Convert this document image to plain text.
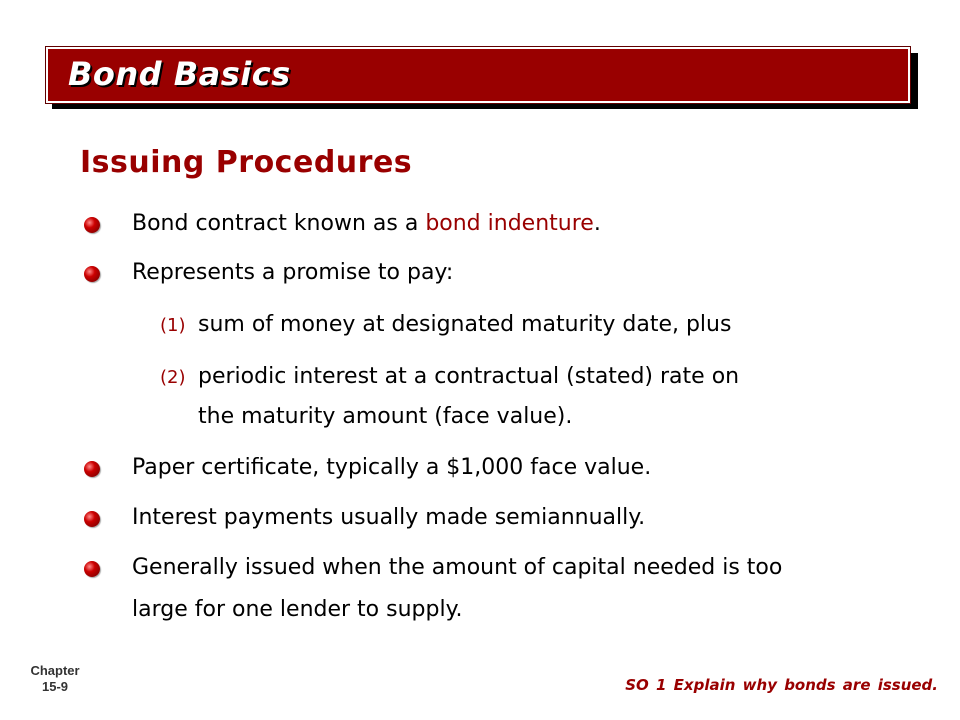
Bond Basics
Issuing Procedures
Bond contract known as a bond indenture.
Represents a promise to pay:
(1) sum of money at designated maturity date, plus
(2) periodic interest at a contractual (stated) rate on
the maturity amount (face value).
Paper certificate, typically a $1,000 face value.
Interest payments usually made semiannually.
Generally issued when the amount of capital needed is too
large for one lender to supply.
Chapter
15-9	SO 1 Explain why bonds are issued.
